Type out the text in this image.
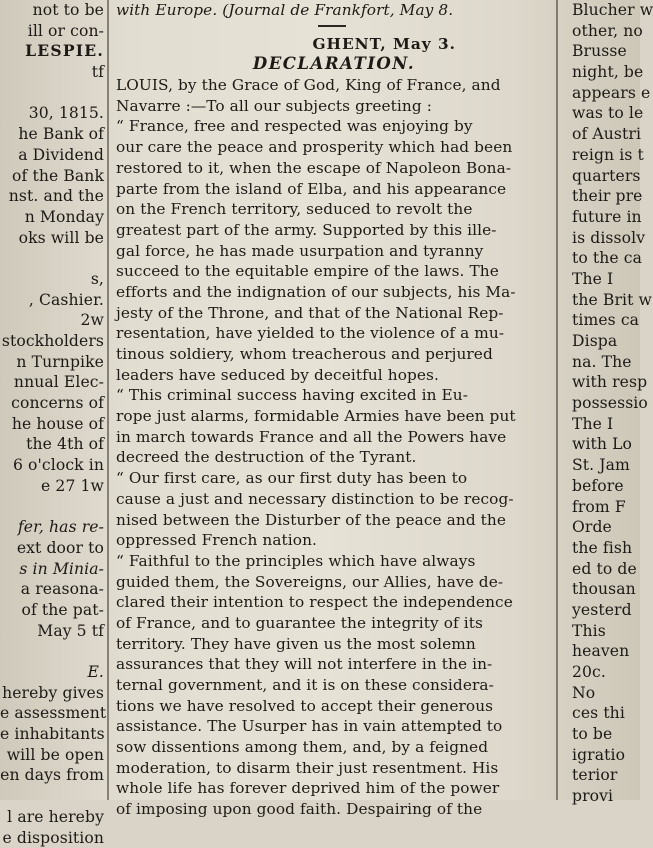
not to be
ill or con-
LESPIE.
tf
30, 1815.
he Bank of
a Dividend
of the Bank
nst. and the
n Monday
oks will be
s,
, Cashier.
2w
stockholders
n Turnpike
nnual Elec-
concerns of
he house of
the 4th of
6 o'clock in
e 27 1w
fer, has re-
ext door to
s in Minia-
a reasona-
of the pat-
May 5 tf
E.
hereby gives
e assessment
e inhabitants
will be open
en days from
l are hereby
e disposition
with Europe. (Journal de Frankfort, May 8.
GHENT, May 3.
DECLARATION.
LOUIS, by the Grace of God, King of France, and
Navarre :—To all our subjects greeting :
“ France, free and respected was enjoying by
our care the peace and prosperity which had been
restored to it, when the escape of Napoleon Bona-
parte from the island of Elba, and his appearance
on the French territory, seduced to revolt the
greatest part of the army. Supported by this ille-
gal force, he has made usurpation and tyranny
succeed to the equitable empire of the laws. The
efforts and the indignation of our subjects, his Ma-
jesty of the Throne, and that of the National Rep-
resentation, have yielded to the violence of a mu-
tinous soldiery, whom treacherous and perjured
leaders have seduced by deceitful hopes.
“ This criminal success having excited in Eu-
rope just alarms, formidable Armies have been put
in march towards France and all the Powers have
decreed the destruction of the Tyrant.
“ Our first care, as our first duty has been to
cause a just and necessary distinction to be recog-
nised between the Disturber of the peace and the
oppressed French nation.
“ Faithful to the principles which have always
guided them, the Sovereigns, our Allies, have de-
clared their intention to respect the independence
of France, and to guarantee the integrity of its
territory. They have given us the most solemn
assurances that they will not interfere in the in-
ternal government, and it is on these considera-
tions we have resolved to accept their generous
assistance. The Usurper has in vain attempted to
sow dissentions among them, and, by a feigned
moderation, to disarm their just resentment. His
whole life has forever deprived him of the power
of imposing upon good faith. Despairing of the
Blucher w
other, no
Brusse
night, be
appears e
was to le
of Austri
reign is t
quarters
their pre
future in
is dissolv
to the ca
The I
the Brit w
times ca
Dispa
na. The
with resp
possessio
The I
with Lo
St. Jam
before
from F
Orde
the fish
ed to de
thousan
yesterd
This
heaven
20c.
No
ces thi
to be
igratio
terior
provi
